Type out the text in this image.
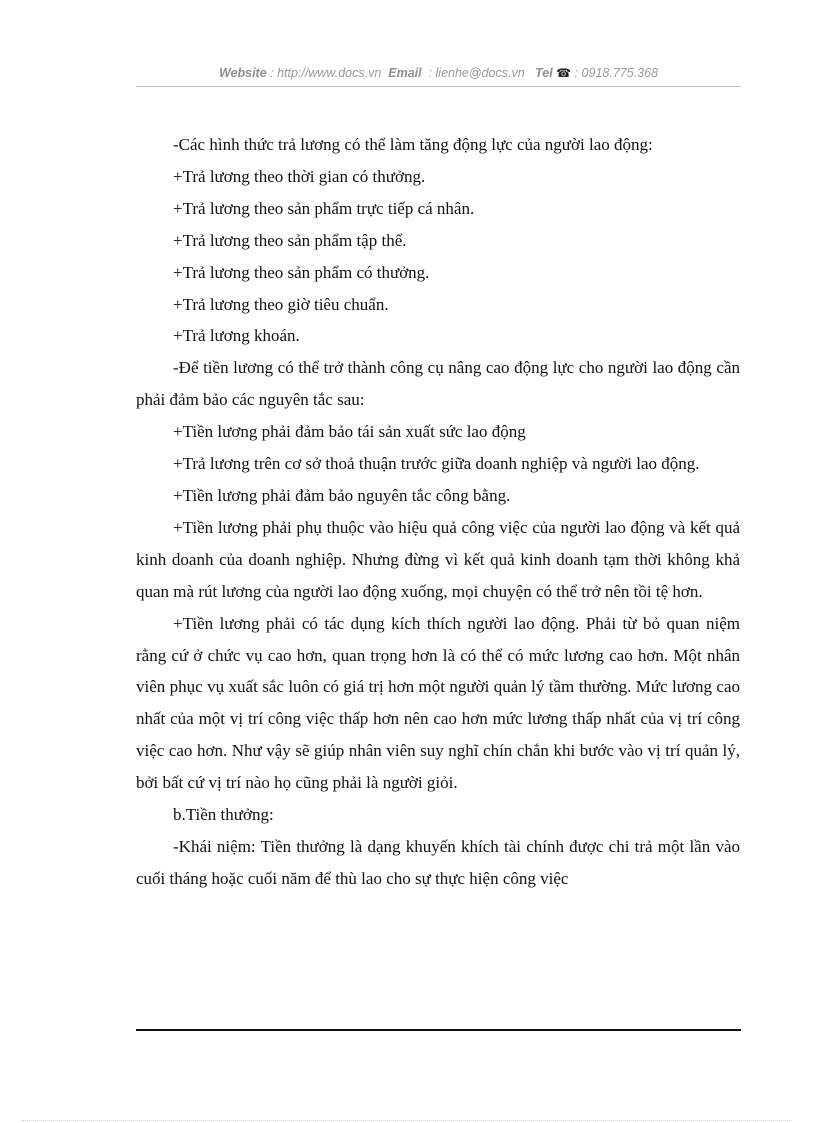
Website : http://www.docs.vn Email : lienhe@docs.vn Tel ☎ : 0918.775.368

-Các hình thức trả lương có thể làm tăng động lực của người lao động:

+Trả lương theo thời gian có thưởng.

+Trả lương theo sản phẩm trực tiếp cá nhân.

+Trả lương theo sản phẩm tập thể.

+Trả lương theo sản phẩm có thưởng.

+Trả lương theo giờ tiêu chuẩn.

+Trả lương khoán.

-Để tiền lương có thể trở thành công cụ nâng cao động lực cho người lao động cần phải đảm bảo các nguyên tắc sau:

+Tiền lương phải đảm bảo tái sản xuất sức lao động

+Trả lương trên cơ sở thoả thuận trước giữa doanh nghiệp và người lao động.

+Tiền lương phải đảm bảo nguyên tắc công bằng.

+Tiền lương phải phụ thuộc vào hiệu quả công việc của người lao động và kết quả kinh doanh của doanh nghiệp. Nhưng đừng vì kết quả kinh doanh tạm thời không khả quan mà rút lương của người lao động xuống, mọi chuyện có thể trở nên tồi tệ hơn.

+Tiền lương phải có tác dụng kích thích người lao động. Phải từ bỏ quan niệm rằng cứ ở chức vụ cao hơn, quan trọng hơn là có thể có mức lương cao hơn. Một nhân viên phục vụ xuất sắc luôn có giá trị hơn một người quản lý tầm thường. Mức lương cao nhất của một vị trí công việc thấp hơn nên cao hơn mức lương thấp nhất của vị trí công việc cao hơn. Như vậy sẽ giúp nhân viên suy nghĩ chín chắn khi bước vào vị trí quản lý, bởi bất cứ vị trí nào họ cũng phải là người giỏi.

b.Tiền thưởng:

-Khái niệm: Tiền thưởng là dạng khuyến khích tài chính được chi trả một lần vào cuối tháng hoặc cuối năm để thù lao cho sự thực hiện công việc
